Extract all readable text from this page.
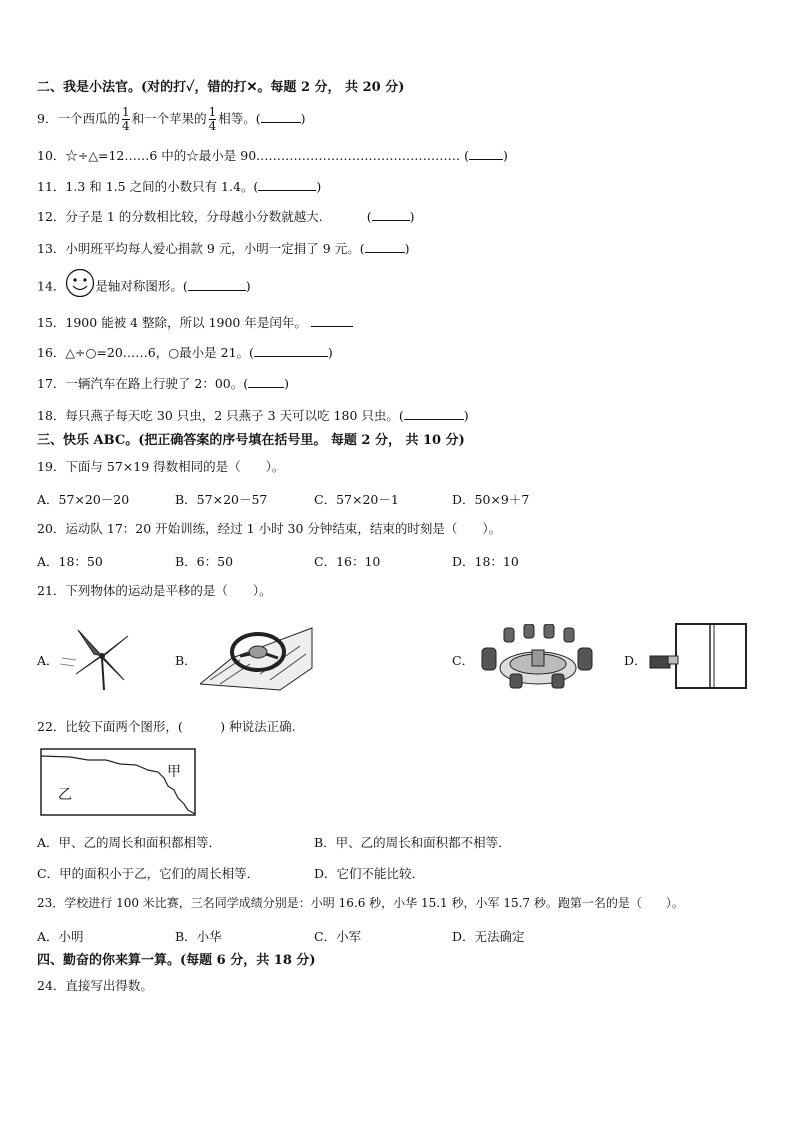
二、我是小法官。(对的打✓，错的打✕。每题 2 分， 共 20 分)
9．一个西瓜的 $\frac{1}{4}$ 和一个苹果的 $\frac{1}{4}$ 相等。(	)
10．☆÷△=12……6 中的☆最小是 90.………………………………………… (	)
11．1.3 和 1.5 之间的小数只有 1.4。(	)
12．分子是 1 的分数相比较，分母越小分数就越大.	(	)
13．小明班平均每人爱心捐款 9 元，小明一定捐了 9 元。(	)
14． 是轴对称图形。(	)
15．1900 能被 4 整除，所以 1900 年是闰年。
16．△÷○=20……6，○最小是 21。(	)
17．一辆汽车在路上行驶了 2：00。(	)
18．每只燕子每天吃 30 只虫，2 只燕子 3 天可以吃 180 只虫。(	)
三、快乐 ABC。(把正确答案的序号填在括号里。 每题 2 分， 共 10 分)
19．下面与 57×19 得数相同的是（　　）。
A．57×20－20	B．57×20－57	C．57×20－1	D．50×9＋7
20．运动队 17：20 开始训练，经过 1 小时 30 分钟结束，结束的时刻是（　　）。
A．18：50	B．6：50	C．16：10	D．18：10
21．下列物体的运动是平移的是（　　）。
A．	B．	C．	D．
22．比较下面两个图形，(　　　) 种说法正确.
甲
乙
A．甲、乙的周长和面积都相等．	B．甲、乙的周长和面积都不相等．
C．甲的面积小于乙，它们的周长相等．	D．它们不能比较．
23．学校进行 100 米比赛，三名同学成绩分别是：小明 16.6 秒，小华 15.1 秒，小军 15.7 秒。跑第一名的是（　　）。
A．小明	B．小华	C．小军	D．无法确定
四、勤奋的你来算一算。(每题 6 分，共 18 分)
24．直接写出得数。
